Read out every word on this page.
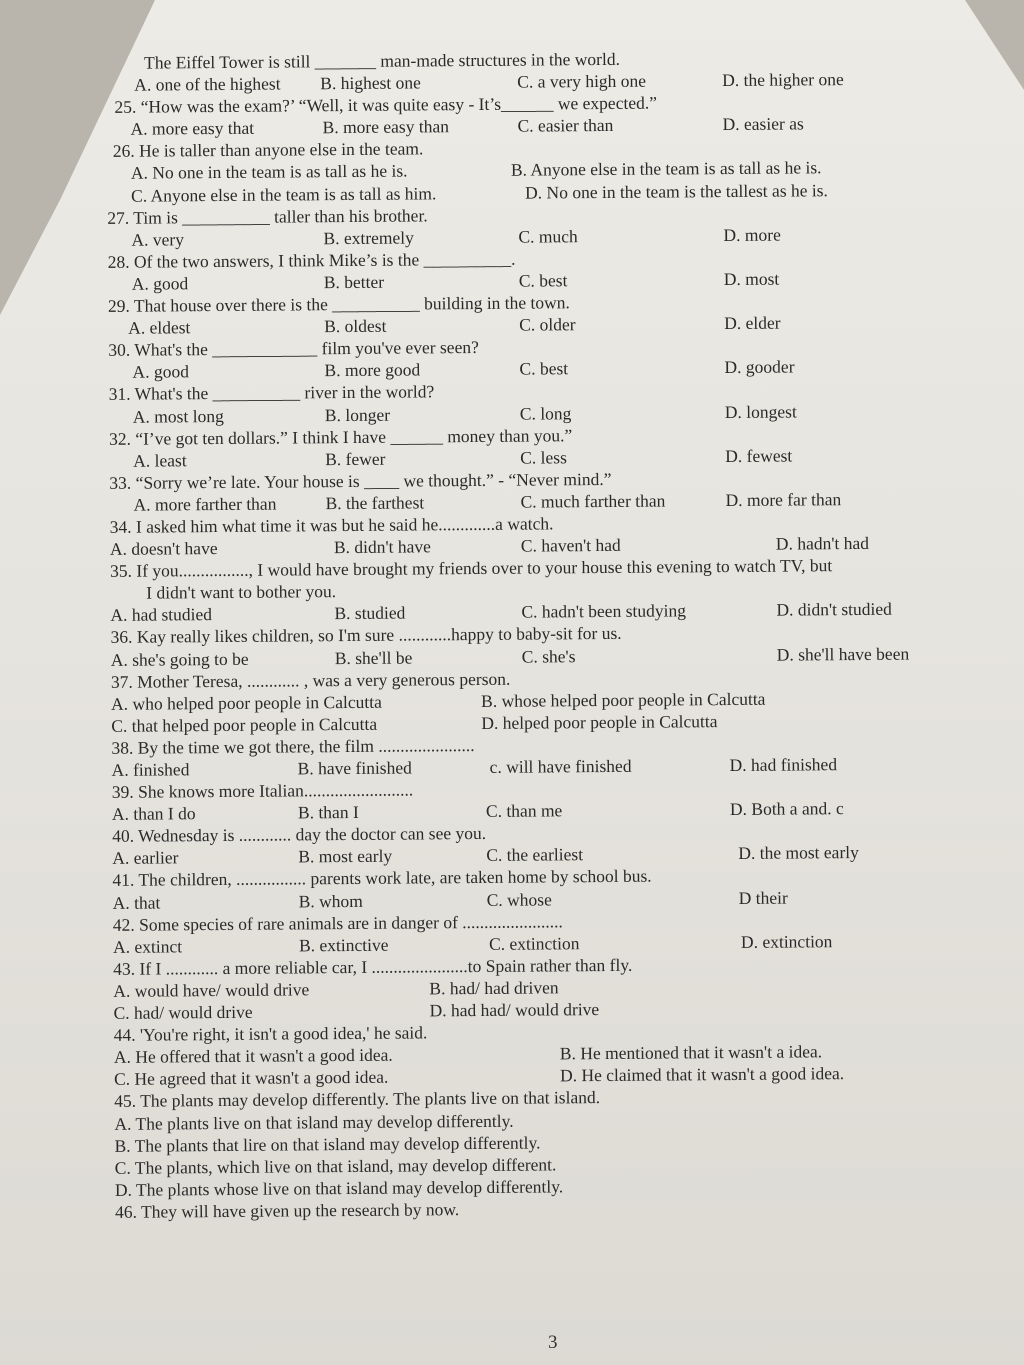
The Eiffel Tower is still _______ man-made structures in the world.
A. one of the highest B. highest one	C. a very high one	D. the higher one
25. “How was the exam?’ “Well, it was quite easy - It’s______ we expected.”
A. more easy that	B. more easy than	C. easier than	D. easier as
26. He is taller than anyone else in the team.
A. No one in the team is as tall as he is.	B. Anyone else in the team is as tall as he is.
C. Anyone else in the team is as tall as him.	D. No one in the team is the tallest as he is.
27. Tim is __________ taller than his brother.
A. very	B. extremely	C. much	D. more
28. Of the two answers, I think Mike’s is the __________.
A. good	B. better	C. best	D. most
29. That house over there is the __________ building in the town.
A. eldest	B. oldest	C. older	D. elder
30. What's the ____________ film you've ever seen?
A. good	B. more good	C. best	D. gooder
31. What's the __________ river in the world?
A. most long	B. longer	C. long	D. longest
32. “I’ve got ten dollars.” I think I have ______ money than you.”
A. least	B. fewer	C. less	D. fewest
33. “Sorry we’re late. Your house is ____ we thought.” - “Never mind.”
A. more farther than	B. the farthest	C. much farther than	D. more far than
34. I asked him what time it was but he said he.............a watch.
A. doesn't have	B. didn't have	C. haven't had	D. hadn't had
35. If you................, I would have brought my friends over to your house this evening to watch TV, but
I didn't want to bother you.
A. had studied	B. studied	C. hadn't been studying	D. didn't studied
36. Kay really likes children, so I'm sure ............happy to baby-sit for us.
A. she's going to be	B. she'll be	C. she's	D. she'll have been
37. Mother Teresa, ............ , was a very generous person.
A. who helped poor people in Calcutta	B. whose helped poor people in Calcutta
C. that helped poor people in Calcutta	D. helped poor people in Calcutta
38. By the time we got there, the film ......................
A. finished	B. have finished	c. will have finished	D. had finished
39. She knows more Italian.........................
A. than I do	B. than I	C. than me	D. Both a and. c
40. Wednesday is ............ day the doctor can see you.
A. earlier	B. most early	C. the earliest	D. the most early
41. The children, ................ parents work late, are taken home by school bus.
A. that	B. whom	C. whose	D their
42. Some species of rare animals are in danger of .......................
A. extinct	B. extinctive	C. extinction	D. extinction
43. If I ............ a more reliable car, I ......................to Spain rather than fly.
A. would have/ would drive	B. had/ had driven
C. had/ would drive	D. had had/ would drive
44. 'You're right, it isn't a good idea,' he said.
A. He offered that it wasn't a good idea.	B. He mentioned that it wasn't a idea.
C. He agreed that it wasn't a good idea.	D. He claimed that it wasn't a good idea.
45. The plants may develop differently. The plants live on that island.
A. The plants live on that island may develop differently.
B. The plants that lire on that island may develop differently.
C. The plants, which live on that island, may develop different.
D. The plants whose live on that island may develop differently.
46. They will have given up the research by now.
3
